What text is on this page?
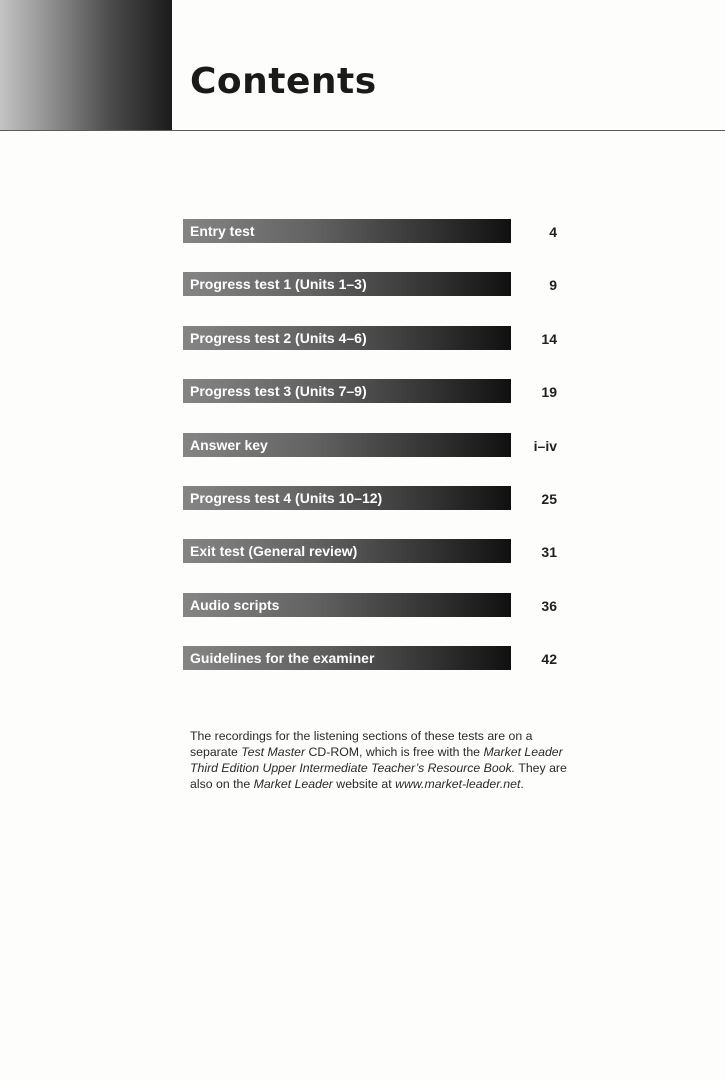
Contents
Entry test	4
Progress test 1 (Units 1–3)	9
Progress test 2 (Units 4–6)	14
Progress test 3 (Units 7–9)	19
Answer key	i–iv
Progress test 4 (Units 10–12)	25
Exit test (General review)	31
Audio scripts	36
Guidelines for the examiner	42

The recordings for the listening sections of these tests are on a separate Test Master CD-ROM, which is free with the Market Leader Third Edition Upper Intermediate Teacher’s Resource Book. They are also on the Market Leader website at www.market-leader.net.
